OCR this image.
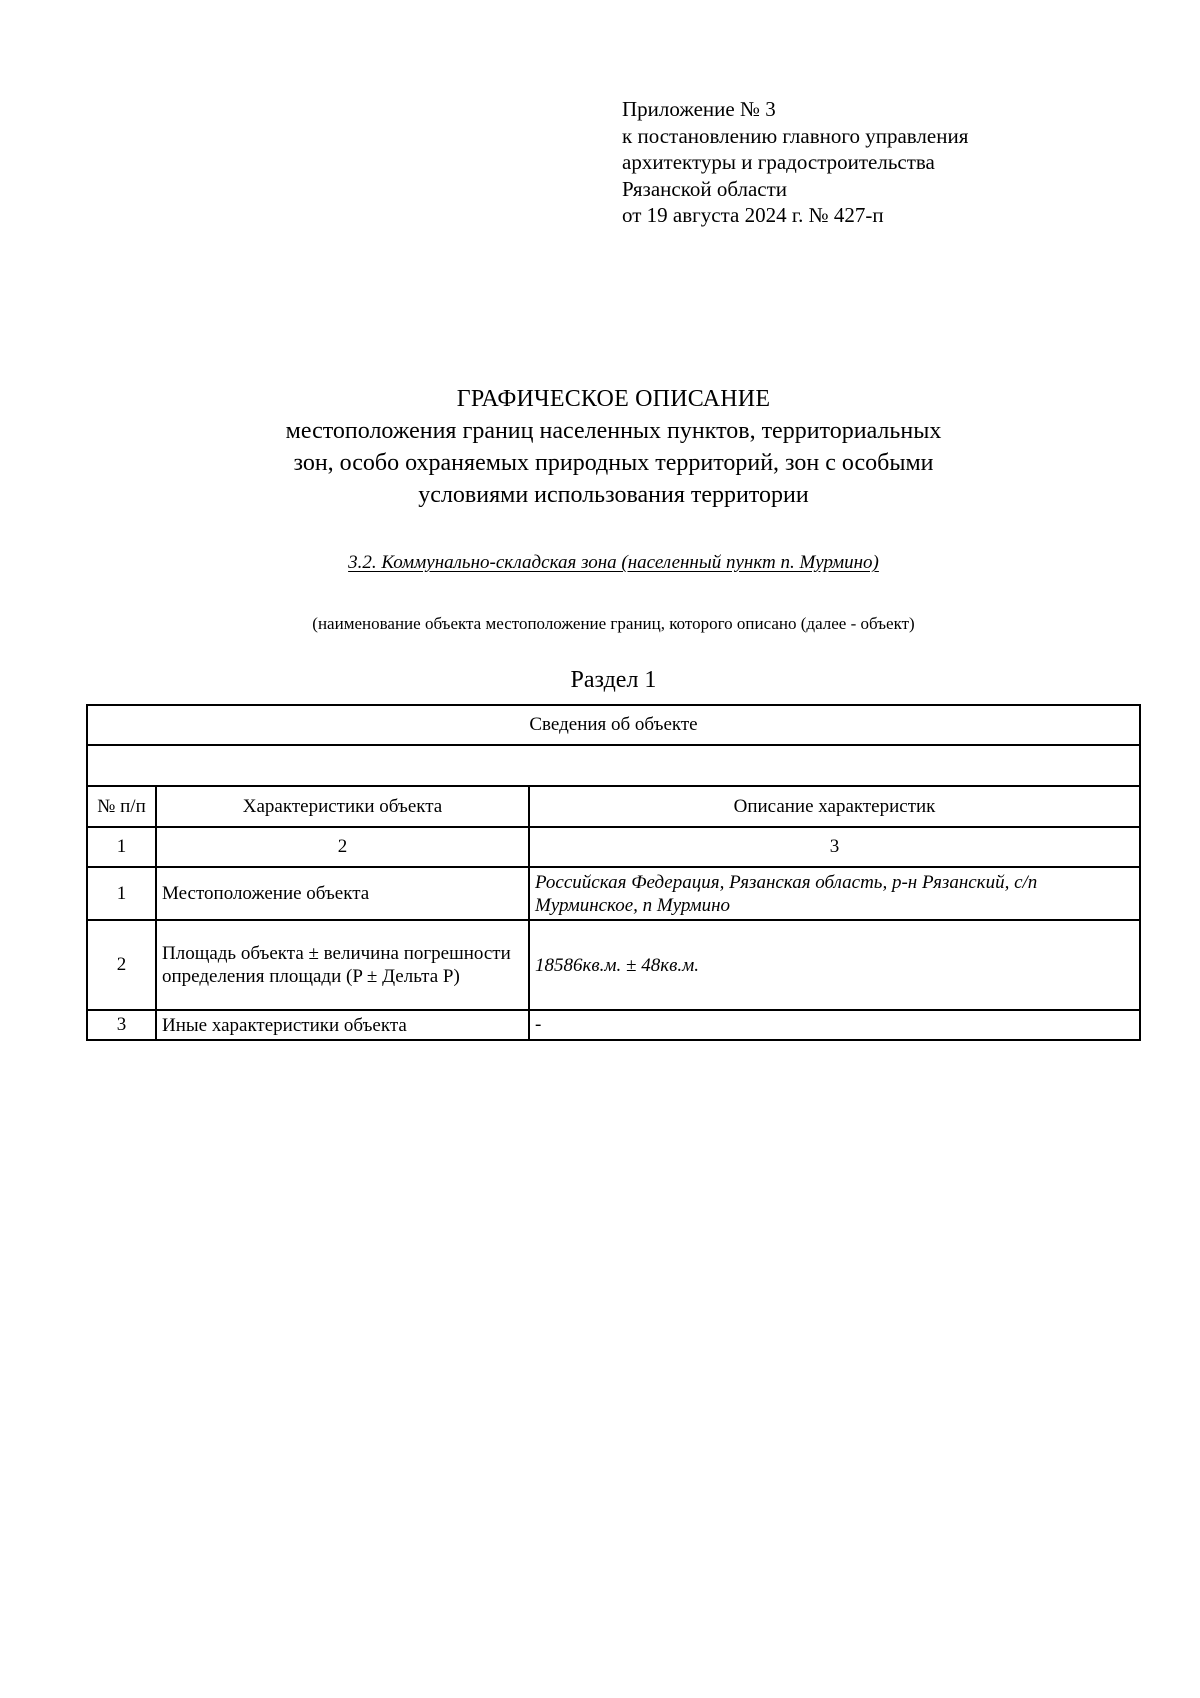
Приложение № 3
к постановлению главного управления
архитектуры и градостроительства
Рязанской области
от 19 августа 2024 г. № 427-п
ГРАФИЧЕСКОЕ ОПИСАНИЕ
местоположения границ населенных пунктов, территориальных
зон, особо охраняемых природных территорий, зон с особыми
условиями использования территории
3.2. Коммунально-складская зона (населенный пункт п. Мурмино)
(наименование объекта местоположение границ, которого описано (далее - объект)
Раздел 1
Сведения об объекте		

№ п/п	Характеристики объекта	Описание характеристик
1	2	3
1	Местоположение объекта	Российская Федерация, Рязанская область, р-н Рязанский, с/п Мурминское, п Мурмино
2	Площадь объекта ± величина погрешности определения площади (P ± Дельта P)	18586кв.м. ± 48кв.м.
3	Иные характеристики объекта	-
